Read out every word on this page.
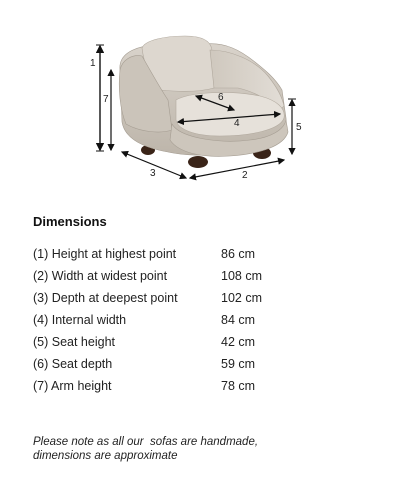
1
7
5
3	2
4
6
Dimensions
(1) Height at highest point	86 cm
(2) Width at widest point	108 cm
(3) Depth at deepest point	102 cm
(4) Internal width	84 cm
(5) Seat height	42 cm
(6) Seat depth	59 cm
(7) Arm height	78 cm
Please note as all our  sofas are handmade,
dimensions are approximate
